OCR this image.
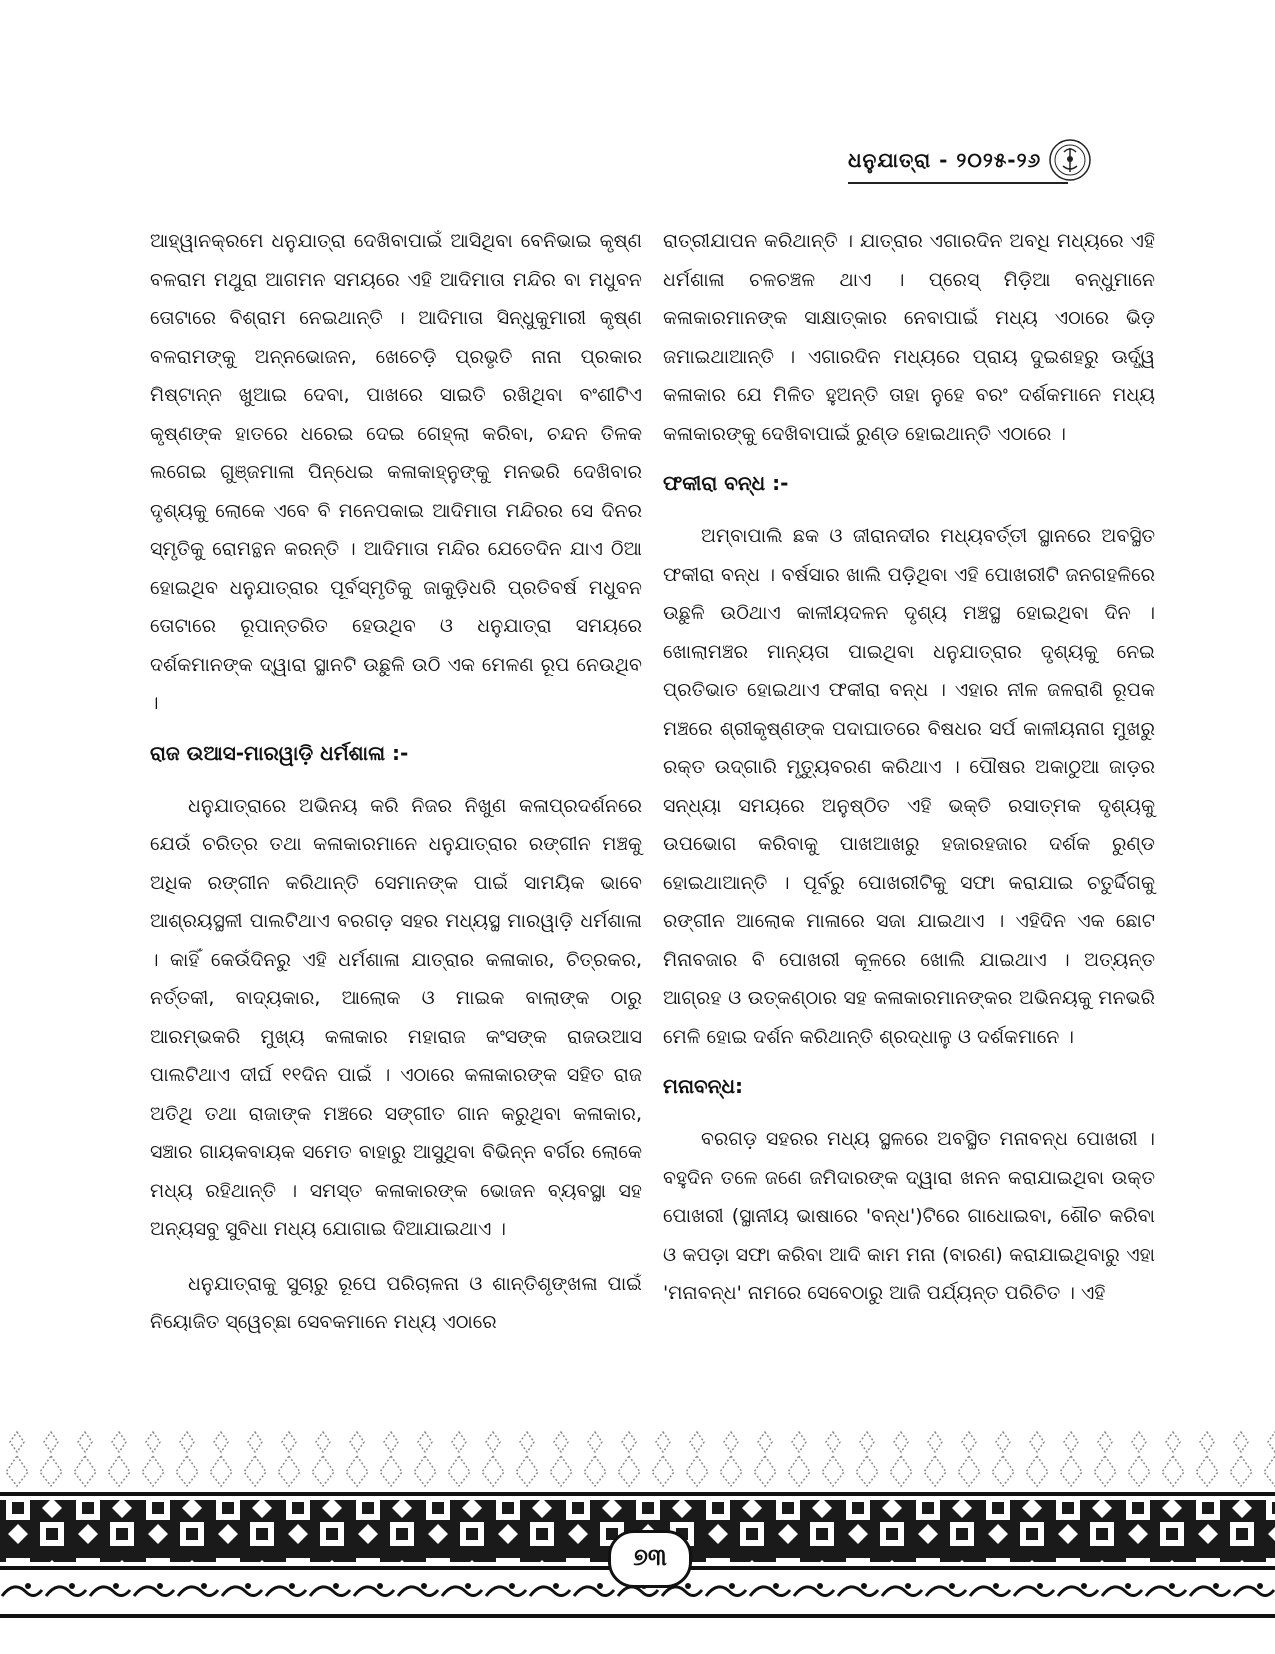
ଧନୁଯାତ୍ରା - ୨୦୨୫-୨୬

ଆହ୍ୱାନକ୍ରମେ ଧନୁଯାତ୍ରା ଦେଖିବାପାଇଁ ଆସିଥିବା ବେନିଭାଇ କୃଷ୍ଣ ବଳରାମ ମଥୁରା ଆଗମନ ସମୟରେ ଏହି ଆଦିମାତା ମନ୍ଦିର ବା ମଧୁବନ ତୋଟାରେ ବିଶ୍ରାମ ନେଇଥାନ୍ତି । ଆଦିମାତା ସିନ୍ଧୁକୁମାରୀ କୃଷ୍ଣ ବଳରାମଙ୍କୁ ଅନ୍ନଭୋଜନ, ଖେଚେଡ଼ି ପ୍ରଭୃତି ନାନା ପ୍ରକାର ମିଷ୍ଟାନ୍ନ ଖୁଆଇ ଦେବା, ପାଖରେ ସାଇତି ରଖିଥିବା ବଂଶୀଟିଏ କୃଷ୍ଣଙ୍କ ହାତରେ ଧରେଇ ଦେଇ ଗେହ୍ଲା କରିବା, ଚନ୍ଦନ ତିଳକ ଲଗେଇ ଗୁଞ୍ଜମାଳା ପିନ୍ଧେଇ କଳାକାହ୍ନୁଙ୍କୁ ମନଭରି ଦେଖିବାର ଦୃଶ୍ୟକୁ ଲୋକେ ଏବେ ବି ମନେପକାଇ ଆଦିମାତା ମନ୍ଦିରର ସେ ଦିନର ସ୍ମୃତିକୁ ରୋମନ୍ଥନ କରନ୍ତି । ଆଦିମାତା ମନ୍ଦିର ଯେତେଦିନ ଯାଏ ଠିଆ ହୋଇଥିବ ଧନୁଯାତ୍ରାର ପୂର୍ବସ୍ମୃତିକୁ ଜାକୁଡ଼ିଧରି ପ୍ରତିବର୍ଷ ମଧୁବନ ତୋଟାରେ ରୂପାନ୍ତରିତ ହେଉଥିବ ଓ ଧନୁଯାତ୍ରା ସମୟରେ ଦର୍ଶକମାନଙ୍କ ଦ୍ୱାରା ସ୍ଥାନଟି ଉଛୁଳି ଉଠି ଏକ ମେଳଣ ରୂପ ନେଉଥିବ ।

ରାଜ ଉଆସ-ମାରୱାଡ଼ି ଧର୍ମଶାଳା :-

ଧନୁଯାତ୍ରାରେ ଅଭିନୟ କରି ନିଜର ନିଖୁଣ କଳାପ୍ରଦର୍ଶନରେ ଯେଉଁ ଚରିତ୍ର ତଥା କଳାକାରମାନେ ଧନୁଯାତ୍ରାର ରଙ୍ଗୀନ ମଞ୍ଚକୁ ଅଧିକ ରଙ୍ଗୀନ କରିଥାନ୍ତି ସେମାନଙ୍କ ପାଇଁ ସାମୟିକ ଭାବେ ଆଶ୍ରୟସ୍ଥଳୀ ପାଲଟିଥାଏ ବରଗଡ଼ ସହର ମଧ୍ୟସ୍ଥ ମାରୱାଡ଼ି ଧର୍ମଶାଳା । କାହିଁ କେଉଁଦିନରୁ ଏହି ଧର୍ମଶାଳା ଯାତ୍ରାର କଳାକାର, ଚିତ୍ରକର, ନର୍ତ୍ତକୀ, ବାଦ୍ୟକାର, ଆଲୋକ ଓ ମାଇକ ବାଲାଙ୍କ ଠାରୁ ଆରମ୍ଭକରି ମୁଖ୍ୟ କଳାକାର ମହାରାଜ କଂସଙ୍କ ରାଜଉଆସ ପାଲଟିଥାଏ ଦୀର୍ଘ ୧୧ଦିନ ପାଇଁ । ଏଠାରେ କଳାକାରଙ୍କ ସହିତ ରାଜ ଅତିଥି ତଥା ରାଜାଙ୍କ ମଞ୍ଚରେ ସଙ୍ଗୀତ ଗାନ କରୁଥିବା କଳାକାର, ସଞ୍ଚାର ଗାୟକବାୟକ ସମେତ ବାହାରୁ ଆସୁଥିବା ବିଭିନ୍ନ ବର୍ଗର ଲୋକେ ମଧ୍ୟ ରହିଥାନ୍ତି । ସମସ୍ତ କଳାକାରଙ୍କ ଭୋଜନ ବ୍ୟବସ୍ଥା ସହ ଅନ୍ୟସବୁ ସୁବିଧା ମଧ୍ୟ ଯୋଗାଇ ଦିଆଯାଇଥାଏ ।

ଧନୁଯାତ୍ରାକୁ ସୁଚାରୁ ରୂପେ ପରିଚାଳନା ଓ ଶାନ୍ତିଶୃଙ୍ଖଳା ପାଇଁ ନିୟୋଜିତ ସ୍ୱେଚ୍ଛା ସେବକମାନେ ମଧ୍ୟ ଏଠାରେ

ରାତ୍ରୀଯାପନ କରିଥାନ୍ତି । ଯାତ୍ରାର ଏଗାରଦିନ ଅବଧି ମଧ୍ୟରେ ଏହି ଧର୍ମଶାଳା ଚଳଚଞ୍ଚଳ ଥାଏ । ପ୍ରେସ୍ ମିଡ଼ିଆ ବନ୍ଧୁମାନେ କଳାକାରମାନଙ୍କ ସାକ୍ଷାତ୍କାର ନେବାପାଇଁ ମଧ୍ୟ ଏଠାରେ ଭିଡ଼ ଜମାଇଥାଆନ୍ତି । ଏଗାରଦିନ ମଧ୍ୟରେ ପ୍ରାୟ ଦୁଇଶହରୁ ଊର୍ଦ୍ଧ୍ୱ କଳାକାର ଯେ ମିଳିତ ହୁଅନ୍ତି ତାହା ନୁହେ ବରଂ ଦର୍ଶକମାନେ ମଧ୍ୟ କଳାକାରଙ୍କୁ ଦେଖିବାପାଇଁ ରୁଣ୍ଡ ହୋଇଥାନ୍ତି ଏଠାରେ ।

ଫକୀରା ବନ୍ଧ :-

ଅମ୍ବାପାଲି ଛକ ଓ ଜୀରାନଦୀର ମଧ୍ୟବର୍ତ୍ତୀ ସ୍ଥାନରେ ଅବସ୍ଥିତ ଫକୀରା ବନ୍ଧ । ବର୍ଷସାର ଖାଲି ପଡ଼ିଥିବା ଏହି ପୋଖରୀଟି ଜନଗହଳିରେ ଉଛୁଳି ଉଠିଥାଏ କାଳୀୟଦଳନ ଦୃଶ୍ୟ ମଞ୍ଚସ୍ଥ ହୋଇଥିବା ଦିନ । ଖୋଲାମଞ୍ଚର ମାନ୍ୟତା ପାଇଥିବା ଧନୁଯାତ୍ରାର ଦୃଶ୍ୟକୁ ନେଇ ପ୍ରତିଭାତ ହୋଇଥାଏ ଫକୀରା ବନ୍ଧ । ଏହାର ନୀଳ ଜଳରାଶି ରୂପକ ମଞ୍ଚରେ ଶ୍ରୀକୃଷ୍ଣଙ୍କ ପଦାଘାତରେ ବିଷଧର ସର୍ପ କାଳୀୟନାଗ ମୁଖରୁ ରକ୍ତ ଉଦ୍‌ଗାରି ମୃତ୍ୟୁବରଣ କରିଥାଏ । ପୌଷର ଅକାଠୁଆ ଜାଡ଼ର ସନ୍ଧ୍ୟା ସମୟରେ ଅନୁଷ୍ଠିତ ଏହି ଭକ୍ତି ରସାତ୍ମକ ଦୃଶ୍ୟକୁ ଉପଭୋଗ କରିବାକୁ ପାଖଆଖରୁ ହଜାରହଜାର ଦର୍ଶକ ରୁଣ୍ଡ ହୋଇଥାଆନ୍ତି । ପୂର୍ବରୁ ପୋଖରୀଟିକୁ ସଫା କରାଯାଇ ଚତୁର୍ଦ୍ଦିଗକୁ ରଙ୍ଗୀନ ଆଲୋକ ମାଳାରେ ସଜା ଯାଇଥାଏ । ଏହିଦିନ ଏକ ଛୋଟ ମିନାବଜାର ବି ପୋଖରୀ କୂଳରେ ଖୋଲି ଯାଇଥାଏ । ଅତ୍ୟନ୍ତ ଆଗ୍ରହ ଓ ଉତ୍କଣ୍ଠାର ସହ କଳାକାରମାନଙ୍କର ଅଭିନୟକୁ ମନଭରି ମେଳି ହୋଇ ଦର୍ଶନ କରିଥାନ୍ତି ଶ୍ରଦ୍ଧାଳୁ ଓ ଦର୍ଶକମାନେ ।

ମନାବନ୍ଧ:

ବରଗଡ଼ ସହରର ମଧ୍ୟ ସ୍ଥଳରେ ଅବସ୍ଥିତ ମନାବନ୍ଧ ପୋଖରୀ । ବହୁଦିନ ତଳେ ଜଣେ ଜମିଦାରଙ୍କ ଦ୍ୱାରା ଖନନ କରାଯାଇଥିବା ଉକ୍ତ ପୋଖରୀ (ସ୍ଥାନୀୟ ଭାଷାରେ 'ବନ୍ଧ')ଟିରେ ଗାଧୋଇବା, ଶୌଚ କରିବା ଓ କପଡ଼ା ସଫା କରିବା ଆଦି କାମ ମନା (ବାରଣ) କରାଯାଇଥିବାରୁ ଏହା 'ମନାବନ୍ଧ' ନାମରେ ସେବେଠାରୁ ଆଜି ପର୍ଯ୍ୟନ୍ତ ପରିଚିତ । ଏହି

୭୩
